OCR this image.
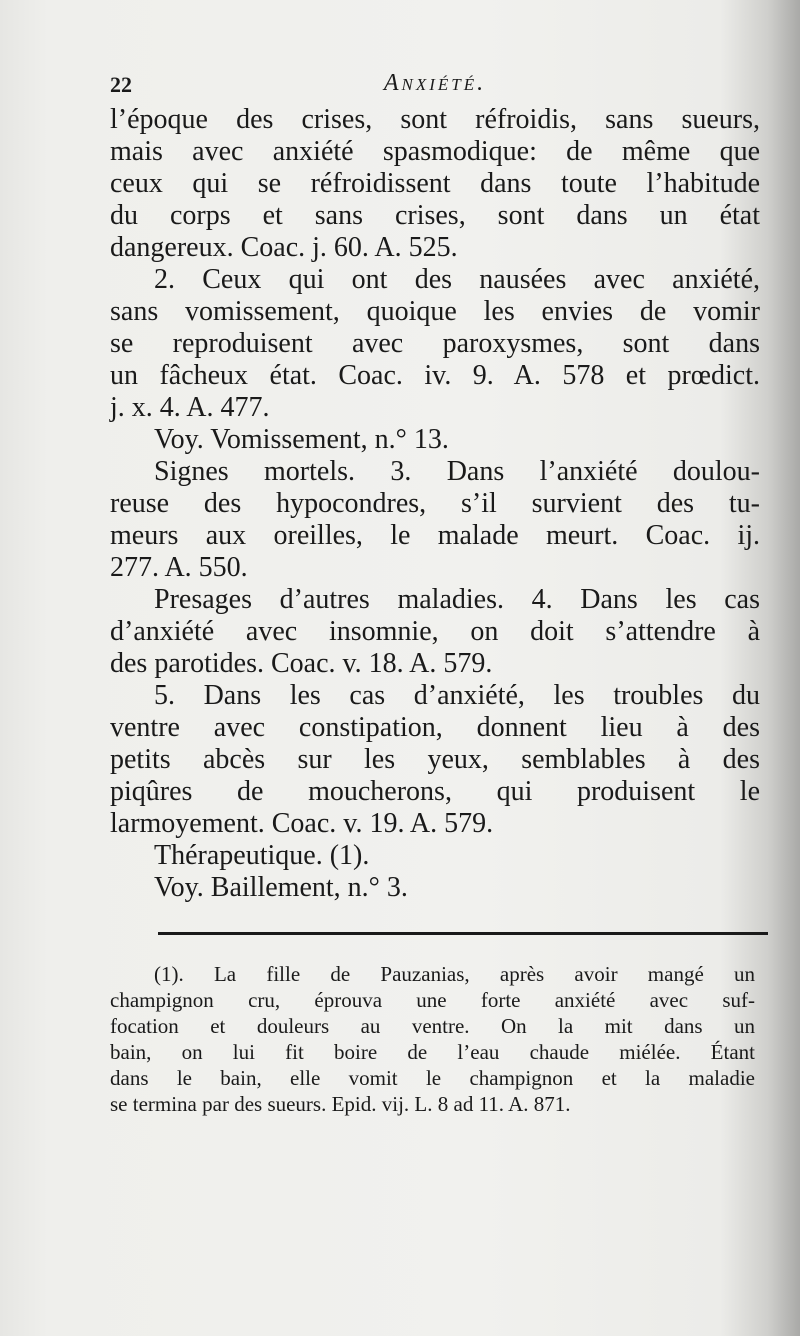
22	Anxiété.
l’époque des crises, sont réfroidis, sans sueurs,
mais avec anxiété spasmodique: de même que
ceux qui se réfroidissent dans toute l’habitude
du corps et sans crises, sont dans un état
dangereux. Coac. j. 60. A. 525.
2. Ceux qui ont des nausées avec anxiété,
sans vomissement, quoique les envies de vomir
se reproduisent avec paroxysmes, sont dans
un fâcheux état. Coac. iv. 9. A. 578 et prœdict.
j. x. 4. A. 477.
Voy. Vomissement, n.° 13.
Signes mortels. 3. Dans l’anxiété doulou-
reuse des hypocondres, s’il survient des tu-
meurs aux oreilles, le malade meurt. Coac. ij.
277. A. 550.
Presages d’autres maladies. 4. Dans les cas
d’anxiété avec insomnie, on doit s’attendre à
des parotides. Coac. v. 18. A. 579.
5. Dans les cas d’anxiété, les troubles du
ventre avec constipation, donnent lieu à des
petits abcès sur les yeux, semblables à des
piqûres de moucherons, qui produisent le
larmoyement. Coac. v. 19. A. 579.
Thérapeutique. (1).
Voy. Baillement, n.° 3.
(1). La fille de Pauzanias, après avoir mangé un
champignon cru, éprouva une forte anxiété avec suf-
focation et douleurs au ventre. On la mit dans un
bain, on lui fit boire de l’eau chaude miélée. Étant
dans le bain, elle vomit le champignon et la maladie
se termina par des sueurs. Epid. vij. L. 8 ad 11. A. 871.
